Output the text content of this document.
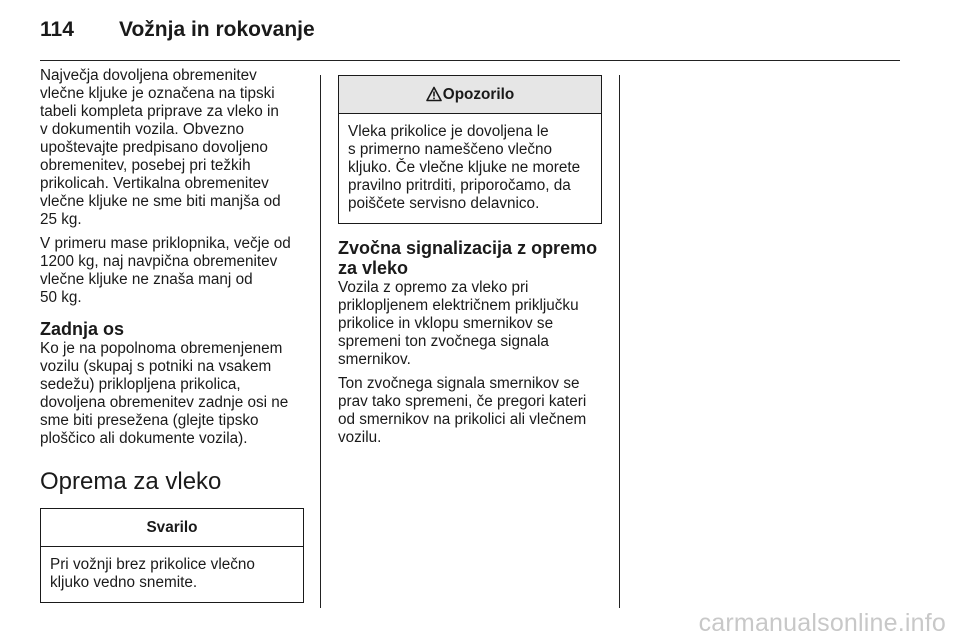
114 Vožnja in rokovanje

Največja dovoljena obremenitev
vlečne kljuke je označena na tipski
tabeli kompleta priprave za vleko in
v dokumentih vozila. Obvezno
upoštevajte predpisano dovoljeno
obremenitev, posebej pri težkih
prikolicah. Vertikalna obremenitev
vlečne kljuke ne sme biti manjša od
25 kg.

V primeru mase priklopnika, večje od
1200 kg, naj navpična obremenitev
vlečne kljuke ne znaša manj od
50 kg.

Zadnja os

Ko je na popolnoma obremenjenem
vozilu (skupaj s potniki na vsakem
sedežu) priklopljena prikolica,
dovoljena obremenitev zadnje osi ne
sme biti presežena (glejte tipsko
ploščico ali dokumente vozila).

Oprema za vleko
Svarilo
Pri vožnji brez prikolice vlečno
kljuko vedno snemite.
Opozorilo
Vleka prikolice je dovoljena le
s primerno nameščeno vlečno
kljuko. Če vlečne kljuke ne morete
pravilno pritrditi, priporočamo, da
poiščete servisno delavnico.
Zvočna signalizacija z opremo
za vleko

Vozila z opremo za vleko pri
priklopljenem električnem priključku
prikolice in vklopu smernikov se
spremeni ton zvočnega signala
smernikov.

Ton zvočnega signala smernikov se
prav tako spremeni, če pregori kateri
od smernikov na prikolici ali vlečnem
vozilu.

carmanualsonline.info
